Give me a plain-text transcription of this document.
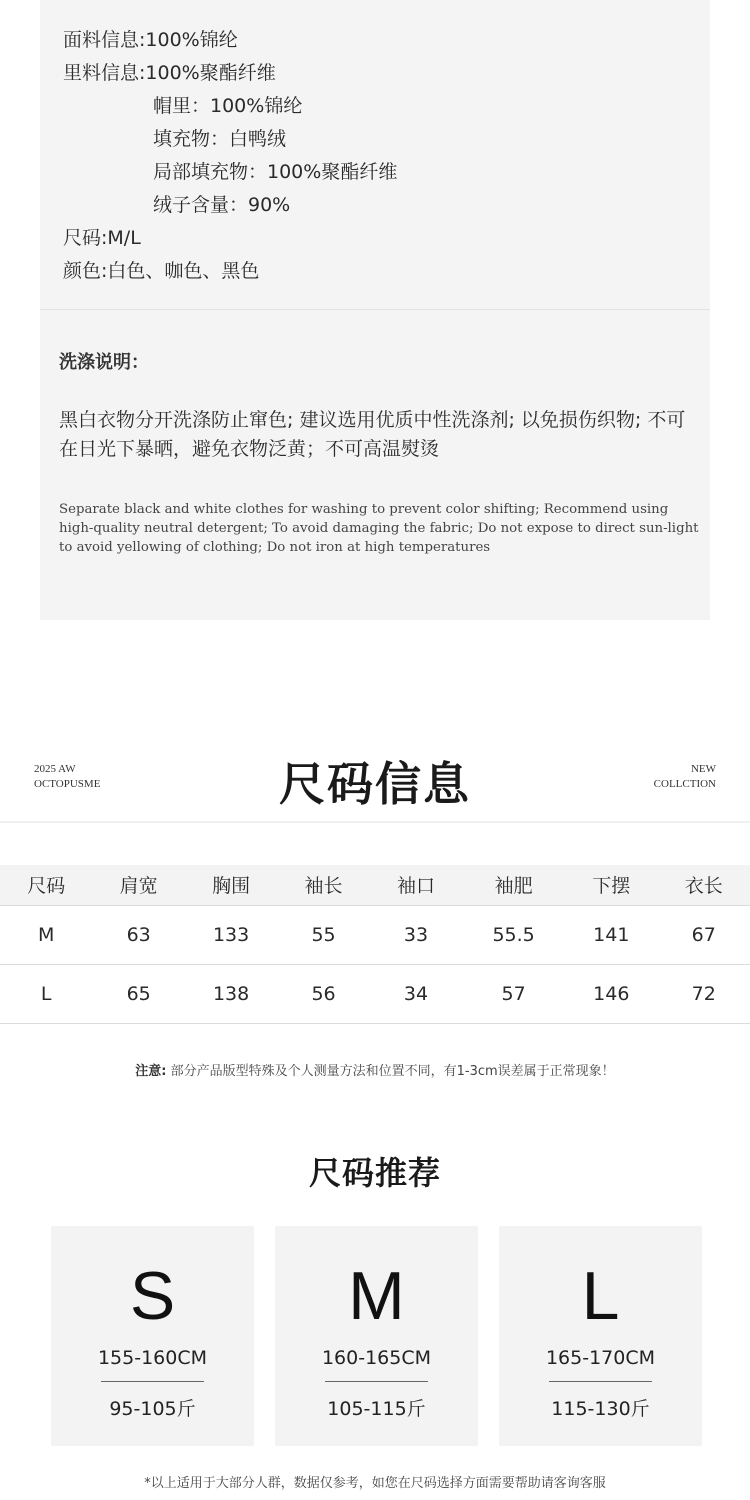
面料信息:100%锦纶
里料信息:100%聚酯纤维
帽里：100%锦纶
填充物：白鸭绒
局部填充物：100%聚酯纤维
绒子含量：90%
尺码:M/L
颜色:白色、咖色、黑色
洗涤说明：
黑白衣物分开洗涤防止窜色; 建议选用优质中性洗涤剂; 以免损伤织物; 不可在日光下暴晒，避免衣物泛黄；不可高温熨烫
Separate black and white clothes for washing to prevent color shifting; Recommend using high-quality neutral detergent; To avoid damaging the fabric; Do not expose to direct sun-light to avoid yellowing of clothing; Do not iron at high temperatures
2025 AW
OCTOPUSME	尺码信息	NEW
COLLCTION
尺码	肩宽	胸围	袖长	袖口	袖肥	下摆	衣长
M	63	133	55	33	55.5	141	67
L	65	138	56	34	57	146	72
注意: 部分产品版型特殊及个人测量方法和位置不同，有1-3cm误差属于正常现象！
尺码推荐
S
155-160CM
95-105斤
M
160-165CM
105-115斤
L
165-170CM
115-130斤
*以上适用于大部分人群，数据仅参考，如您在尺码选择方面需要帮助请客询客服
